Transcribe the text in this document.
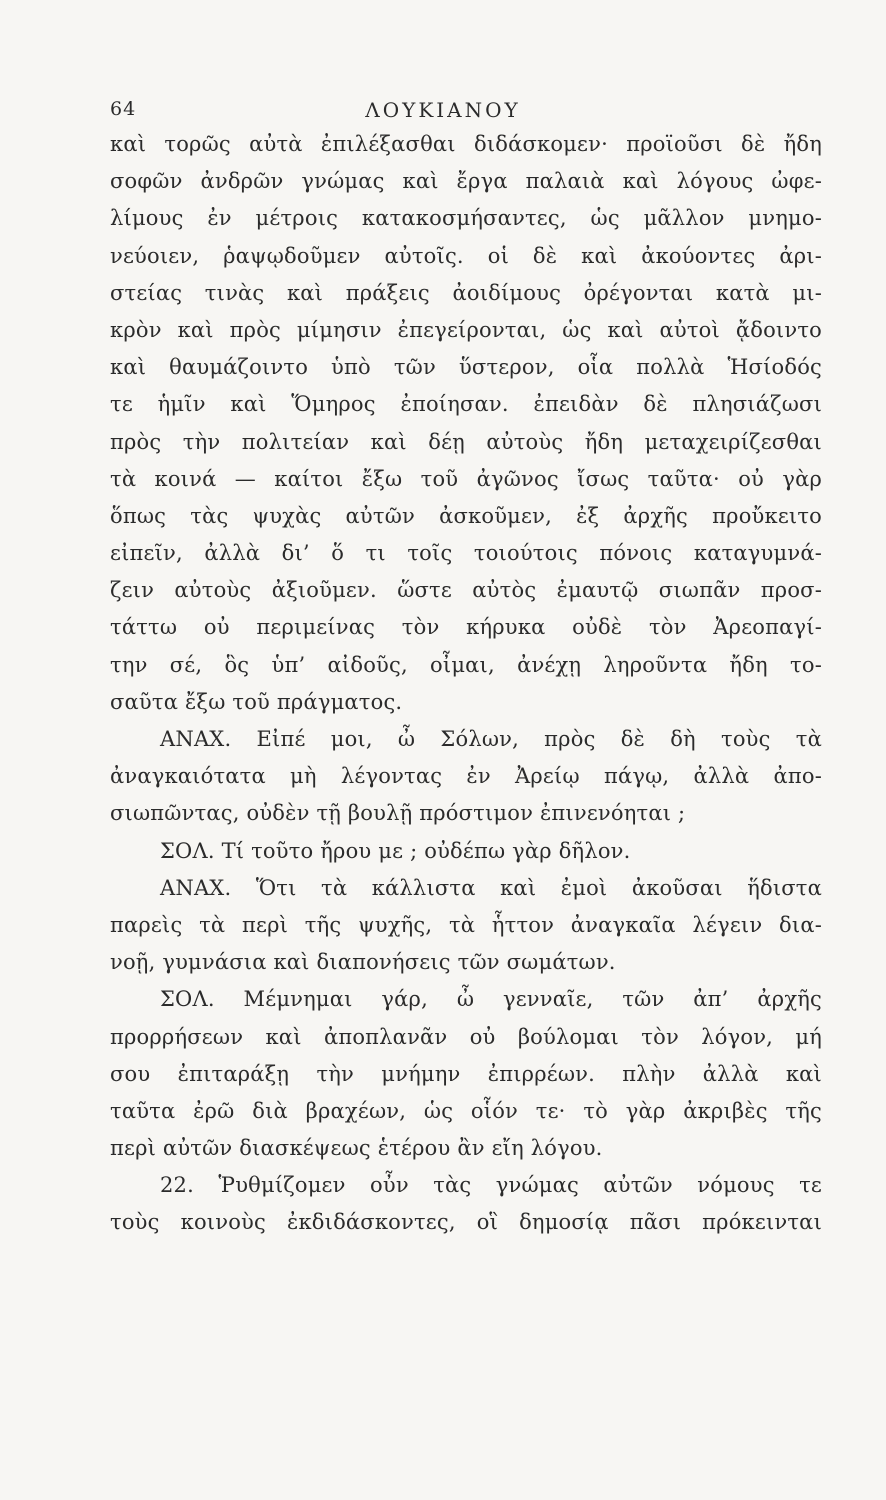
64	ΛΟΥΚΙΑΝΟΥ
καὶ τορῶς αὐτὰ ἐπιλέξασθαι διδάσκομεν· προϊοῦσι δὲ ἤδη
σοφῶν ἀνδρῶν γνώμας καὶ ἔργα παλαιὰ καὶ λόγους ὠφε-
λίμους ἐν μέτροις κατακοσμήσαντες, ὡς μᾶλλον μνημο-
νεύοιεν, ῥαψῳδοῦμεν αὐτοῖς. οἱ δὲ καὶ ἀκούοντες ἀρι-
στείας τινὰς καὶ πράξεις ἀοιδίμους ὀρέγονται κατὰ μι-
κρὸν καὶ πρὸς μίμησιν ἐπεγείρονται, ὡς καὶ αὐτοὶ ᾄδοιντο
καὶ θαυμάζοιντο ὑπὸ τῶν ὕστερον, οἷα πολλὰ Ἡσίοδός
τε ἡμῖν καὶ Ὅμηρος ἐποίησαν. ἐπειδὰν δὲ πλησιάζωσι
πρὸς τὴν πολιτείαν καὶ δέῃ αὐτοὺς ἤδη μεταχειρίζεσθαι
τὰ κοινά — καίτοι ἔξω τοῦ ἀγῶνος ἴσως ταῦτα· οὐ γὰρ
ὅπως τὰς ψυχὰς αὐτῶν ἀσκοῦμεν, ἐξ ἀρχῆς προὔκειτο
εἰπεῖν, ἀλλὰ δι’ ὅ τι τοῖς τοιούτοις πόνοις καταγυμνά-
ζειν αὐτοὺς ἀξιοῦμεν. ὥστε αὐτὸς ἐμαυτῷ σιωπᾶν προσ-
τάττω οὐ περιμείνας τὸν κήρυκα οὐδὲ τὸν Ἀρεοπαγί-
την σέ, ὃς ὑπ’ αἰδοῦς, οἶμαι, ἀνέχῃ ληροῦντα ἤδη το-
σαῦτα ἔξω τοῦ πράγματος.
ΑΝΑΧ. Εἰπέ μοι, ὦ Σόλων, πρὸς δὲ δὴ τοὺς τὰ
ἀναγκαιότατα μὴ λέγοντας ἐν Ἀρείῳ πάγῳ, ἀλλὰ ἀπο-
σιωπῶντας, οὐδὲν τῇ βουλῇ πρόστιμον ἐπινενόηται ;
ΣΟΛ. Τί τοῦτο ἤρου με ; οὐδέπω γὰρ δῆλον.
ΑΝΑΧ. Ὅτι τὰ κάλλιστα καὶ ἐμοὶ ἀκοῦσαι ἥδιστα
παρεὶς τὰ περὶ τῆς ψυχῆς, τὰ ἧττον ἀναγκαῖα λέγειν δια-
νοῇ, γυμνάσια καὶ διαπονήσεις τῶν σωμάτων.
ΣΟΛ. Μέμνημαι γάρ, ὦ γενναῖε, τῶν ἀπ’ ἀρχῆς
προρρήσεων καὶ ἀποπλανᾶν οὐ βούλομαι τὸν λόγον, μή
σου ἐπιταράξῃ τὴν μνήμην ἐπιρρέων. πλὴν ἀλλὰ καὶ
ταῦτα ἐρῶ διὰ βραχέων, ὡς οἷόν τε· τὸ γὰρ ἀκριβὲς τῆς
περὶ αὐτῶν διασκέψεως ἑτέρου ἂν εἴη λόγου.
22. Ῥυθμίζομεν οὖν τὰς γνώμας αὐτῶν νόμους τε
τοὺς κοινοὺς ἐκδιδάσκοντες, οἳ δημοσίᾳ πᾶσι πρόκεινται
